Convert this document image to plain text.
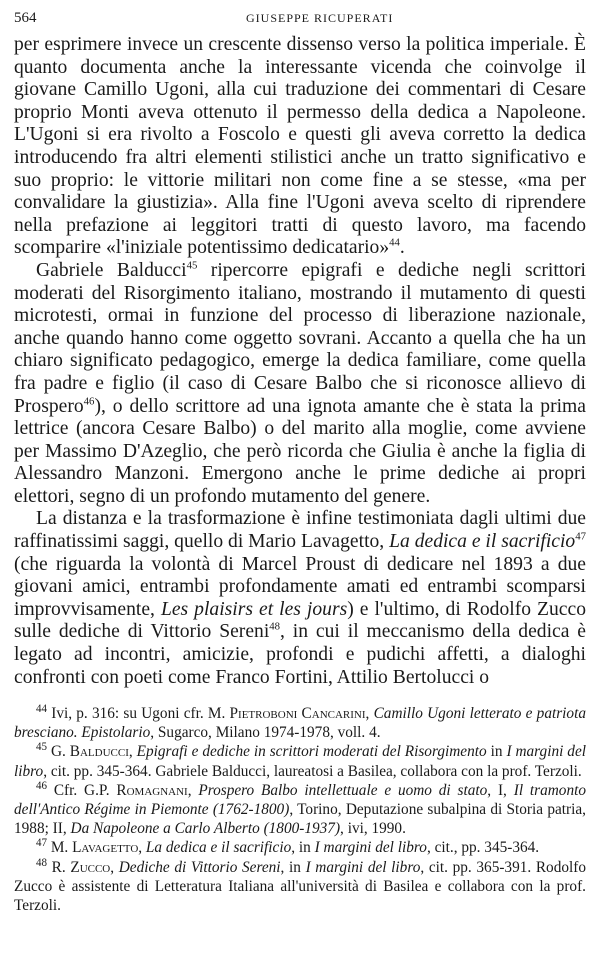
564	GIUSEPPE RICUPERATI

per esprimere invece un crescente dissenso verso la politica imperiale. È quanto documenta anche la interessante vicenda che coinvolge il giovane Camillo Ugoni, alla cui traduzione dei commentari di Cesare proprio Monti aveva ottenuto il permesso della dedica a Napoleone. L'Ugoni si era rivolto a Foscolo e questi gli aveva corretto la dedica introducendo fra altri elementi stilistici anche un tratto significativo e suo proprio: le vittorie militari non come fine a se stesse, «ma per convalidare la giustizia». Alla fine l'Ugoni aveva scelto di riprendere nella prefazione ai leggitori tratti di questo lavoro, ma facendo scomparire «l'iniziale potentissimo dedicatario»$^{44}$.

Gabriele Balducci$^{45}$ ripercorre epigrafi e dediche negli scrittori moderati del Risorgimento italiano, mostrando il mutamento di questi microtesti, ormai in funzione del processo di liberazione nazionale, anche quando hanno come oggetto sovrani. Accanto a quella che ha un chiaro significato pedagogico, emerge la dedica familiare, come quella fra padre e figlio (il caso di Cesare Balbo che si riconosce allievo di Prospero$^{46}$), o dello scrittore ad una ignota amante che è stata la prima lettrice (ancora Cesare Balbo) o del marito alla moglie, come avviene per Massimo D'Azeglio, che però ricorda che Giulia è anche la figlia di Alessandro Manzoni. Emergono anche le prime dediche ai propri elettori, segno di un profondo mutamento del genere.

La distanza e la trasformazione è infine testimoniata dagli ultimi due raffinatissimi saggi, quello di Mario Lavagetto, La dedica e il sacrificio$^{47}$ (che riguarda la volontà di Marcel Proust di dedicare nel 1893 a due giovani amici, entrambi profondamente amati ed entrambi scomparsi improvvisamente, Les plaisirs et les jours) e l'ultimo, di Rodolfo Zucco sulle dediche di Vittorio Sereni$^{48}$, in cui il meccanismo della dedica è legato ad incontri, amicizie, profondi e pudichi affetti, a dialoghi confronti con poeti come Franco Fortini, Attilio Bertolucci o

$^{44}$ Ivi, p. 316: su Ugoni cfr. M. Pietroboni Cancarini, Camillo Ugoni letterato e patriota bresciano. Epistolario, Sugarco, Milano 1974-1978, voll. 4.

$^{45}$ G. Balducci, Epigrafi e dediche in scrittori moderati del Risorgimento in I margini del libro, cit. pp. 345-364. Gabriele Balducci, laureatosi a Basilea, collabora con la prof. Terzoli.

$^{46}$ Cfr. G.P. Romagnani, Prospero Balbo intellettuale e uomo di stato, I, Il tramonto dell'Antico Régime in Piemonte (1762-1800), Torino, Deputazione subalpina di Storia patria, 1988; II, Da Napoleone a Carlo Alberto (1800-1937), ivi, 1990.

$^{47}$ M. Lavagetto, La dedica e il sacrificio, in I margini del libro, cit., pp. 345-364.

$^{48}$ R. Zucco, Dediche di Vittorio Sereni, in I margini del libro, cit. pp. 365-391. Rodolfo Zucco è assistente di Letteratura Italiana all'università di Basilea e collabora con la prof. Terzoli.
